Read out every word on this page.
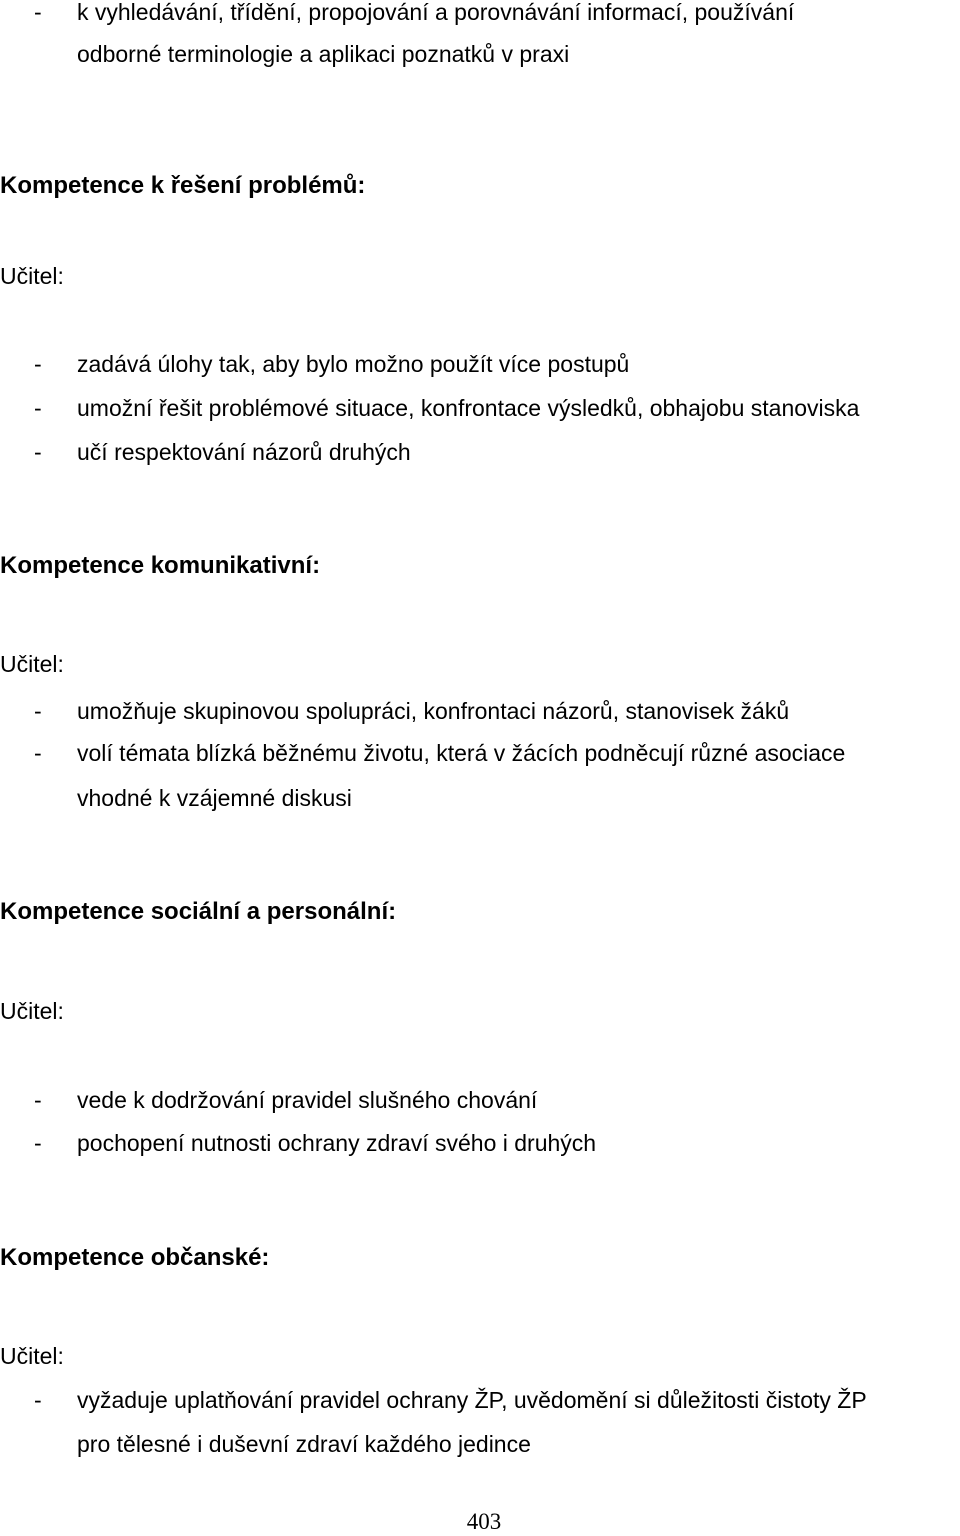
- k vyhledávání, třídění, propojování a porovnávání informací, používání
odborné terminologie a aplikaci poznatků v praxi
Kompetence k řešení problémů:
Učitel:
- zadává úlohy tak, aby bylo možno použít více postupů
- umožní řešit problémové situace, konfrontace výsledků, obhajobu stanoviska
- učí respektování názorů druhých
Kompetence komunikativní:
Učitel:
- umožňuje skupinovou spolupráci, konfrontaci názorů, stanovisek žáků
- volí témata blízká běžnému životu, která v žácích podněcují různé asociace
vhodné k vzájemné diskusi
Kompetence sociální a personální:
Učitel:
- vede k dodržování pravidel slušného chování
- pochopení nutnosti ochrany zdraví svého i druhých
Kompetence občanské:
Učitel:
- vyžaduje uplatňování pravidel ochrany ŽP, uvědomění si důležitosti čistoty ŽP
pro tělesné i duševní zdraví každého jedince
403
